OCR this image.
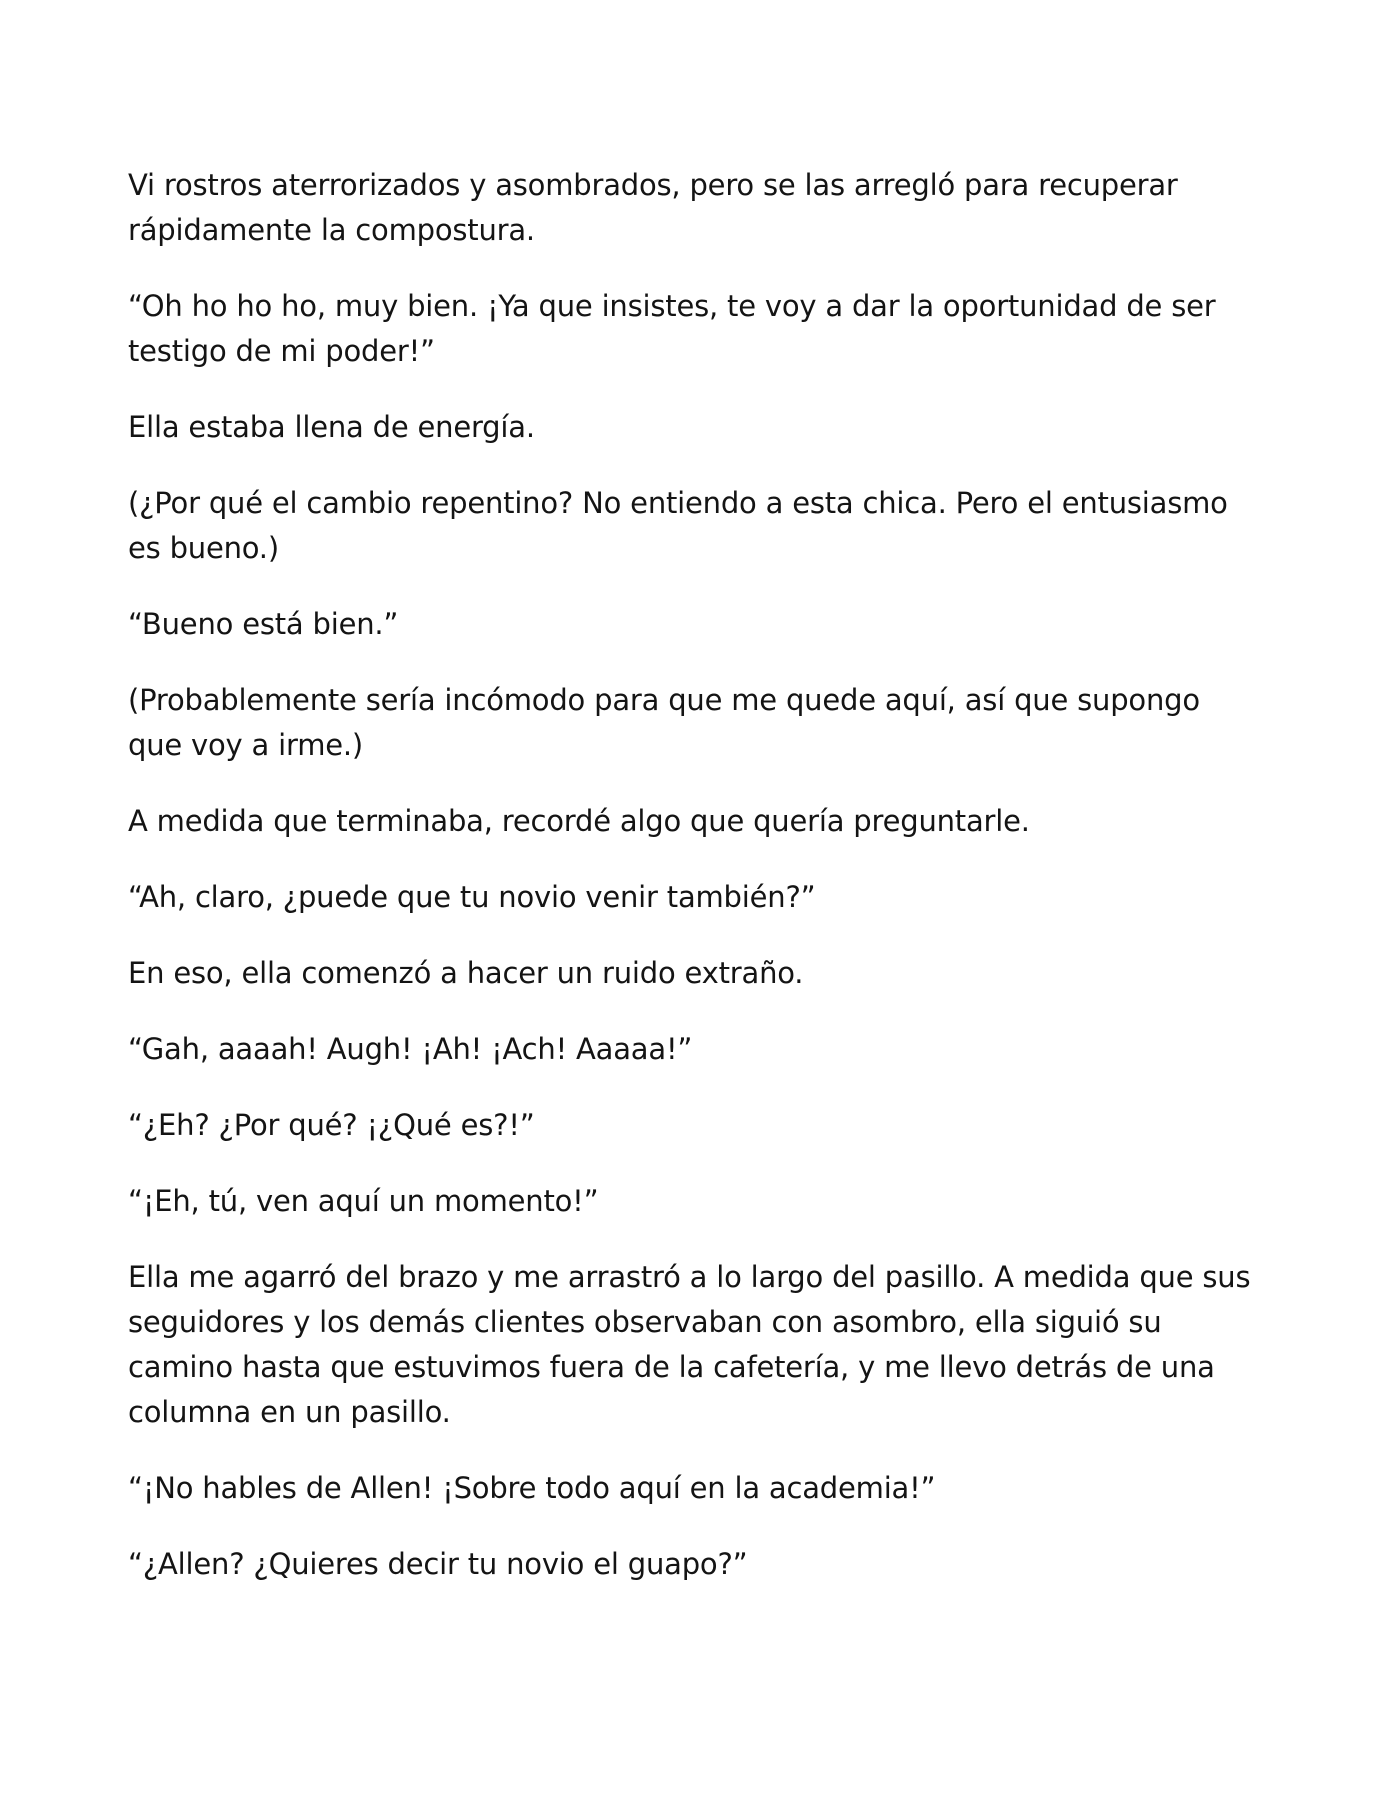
Vi rostros aterrorizados y asombrados, pero se las arregló para recuperar rápidamente la compostura.

“Oh ho ho ho, muy bien. ¡Ya que insistes, te voy a dar la oportunidad de ser testigo de mi poder!”

Ella estaba llena de energía.

(¿Por qué el cambio repentino? No entiendo a esta chica. Pero el entusiasmo es bueno.)

“Bueno está bien.”

(Probablemente sería incómodo para que me quede aquí, así que supongo que voy a irme.)

A medida que terminaba, recordé algo que quería preguntarle.

“Ah, claro, ¿puede que tu novio venir también?”

En eso, ella comenzó a hacer un ruido extraño.

“Gah, aaaah! Augh! ¡Ah! ¡Ach! Aaaaa!”

“¿Eh? ¿Por qué? ¡¿Qué es?!”

“¡Eh, tú, ven aquí un momento!”

Ella me agarró del brazo y me arrastró a lo largo del pasillo. A medida que sus seguidores y los demás clientes observaban con asombro, ella siguió su camino hasta que estuvimos fuera de la cafetería, y me llevo detrás de una columna en un pasillo.

“¡No hables de Allen! ¡Sobre todo aquí en la academia!”

“¿Allen? ¿Quieres decir tu novio el guapo?”
